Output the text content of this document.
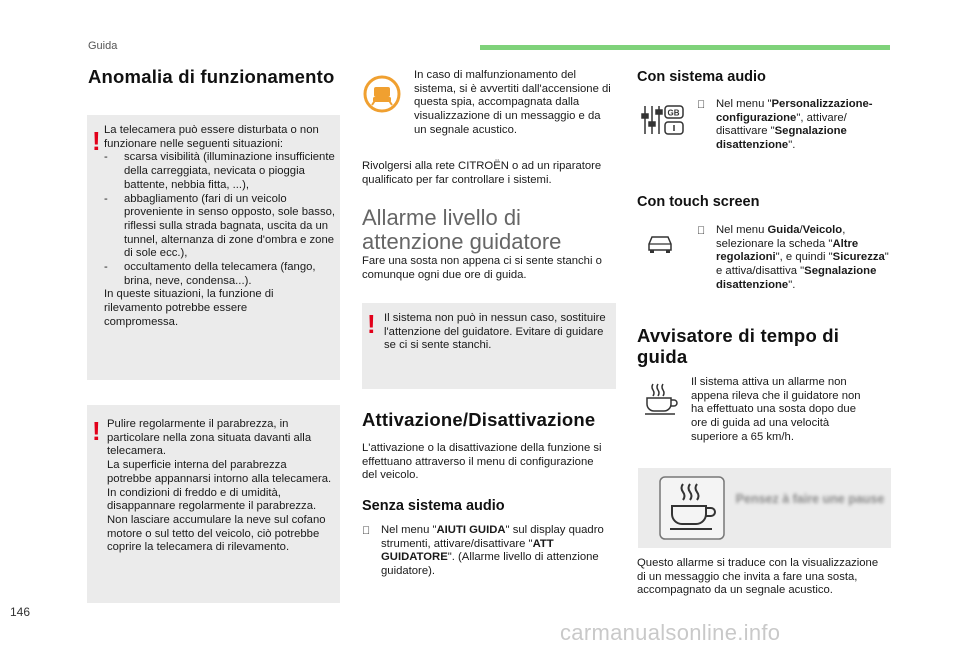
Guida
Anomalia di funzionamento
! La telecamera può essere disturbata o non funzionare nelle seguenti situazioni:
- scarsa visibilità (illuminazione insufficiente della carreggiata, nevicata o pioggia battente, nebbia fitta, ...),
- abbagliamento (fari di un veicolo proveniente in senso opposto, sole basso, riflessi sulla strada bagnata, uscita da un tunnel, alternanza di zone d'ombra e zone di sole ecc.),
- occultamento della telecamera (fango, brina, neve, condensa...).
In queste situazioni, la funzione di rilevamento potrebbe essere compromessa.
! Pulire regolarmente il parabrezza, in particolare nella zona situata davanti alla telecamera.
La superficie interna del parabrezza potrebbe appannarsi intorno alla telecamera. In condizioni di freddo e di umidità, disappannare regolarmente il parabrezza.
Non lasciare accumulare la neve sul cofano motore o sul tetto del veicolo, ciò potrebbe coprire la telecamera di rilevamento.
In caso di malfunzionamento del sistema, si è avvertiti dall'accensione di questa spia, accompagnata dalla visualizzazione di un messaggio e da un segnale acustico.
Rivolgersi alla rete CITROËN o ad un riparatore qualificato per far controllare i sistemi.
Allarme livello di
attenzione guidatore
Fare una sosta non appena ci si sente stanchi o comunque ogni due ore di guida.
! Il sistema non può in nessun caso, sostituire l'attenzione del guidatore. Evitare di guidare se ci si sente stanchi.
Attivazione/Disattivazione
L'attivazione o la disattivazione della funzione si effettuano attraverso il menu di configurazione del veicolo.
Senza sistema audio
Nel menu "AIUTI GUIDA" sul display quadro strumenti, attivare/disattivare "ATT GUIDATORE". (Allarme livello di attenzione guidatore).
Con sistema audio
GB
Nel menu "Personalizzazione-configurazione", attivare/ disattivare "Segnalazione disattenzione".
Con touch screen
Nel menu Guida/Veicolo, selezionare la scheda "Altre regolazioni", e quindi "Sicurezza" e attiva/disattiva "Segnalazione disattenzione".
Avvisatore di tempo di
guida
Il sistema attiva un allarme non appena rileva che il guidatore non ha effettuato una sosta dopo due ore di guida ad una velocità superiore a 65 km/h.
Pensez à faire une pause
Questo allarme si traduce con la visualizzazione di un messaggio che invita a fare una sosta, accompagnato da un segnale acustico.
146
carmanualsonline.info
